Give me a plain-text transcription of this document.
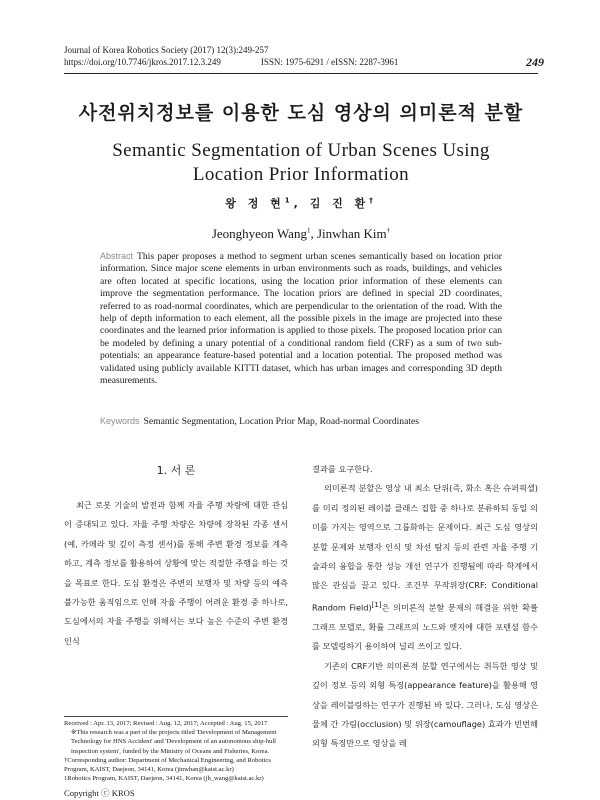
Journal of Korea Robotics Society (2017) 12(3):249-257
https://doi.org/10.7746/jkros.2017.12.3.249	ISSN: 1975-6291 / eISSN: 2287-3961	249
사전위치정보를 이용한 도심 영상의 의미론적 분할
Semantic Segmentation of Urban Scenes Using Location Prior Information
왕 정 현$^1$, 김 진 환†
Jeonghyeon Wang$^1$, Jinwhan Kim†
Abstract This paper proposes a method to segment urban scenes semantically based on location prior information. Since major scene elements in urban environments such as roads, buildings, and vehicles are often located at specific locations, using the location prior information of these elements can improve the segmentation performance. The location priors are defined in special 2D coordinates, referred to as road-normal coordinates, which are perpendicular to the orientation of the road. With the help of depth information to each element, all the possible pixels in the image are projected into these coordinates and the learned prior information is applied to those pixels. The proposed location prior can be modeled by defining a unary potential of a conditional random field (CRF) as a sum of two sub-potentials: an appearance feature-based potential and a location potential. The proposed method was validated using publicly available KITTI dataset, which has urban images and corresponding 3D depth measurements.
Keywords Semantic Segmentation, Location Prior Map, Road-normal Coordinates
1. 서 론

최근 로봇 기술의 발전과 함께 자율 주행 차량에 대한 관심이 증대되고 있다. 자율 주행 차량은 차량에 장착된 각종 센서(예, 카메라 및 깊이 측정 센서)를 통해 주변 환경 정보를 계측하고, 계측 정보를 활용하여 상황에 맞는 적절한 주행을 하는 것을 목표로 한다. 도심 환경은 주변의 보행자 및 차량 등의 예측 불가능한 움직임으로 인해 자율 주행이 어려운 환경 중 하나로, 도심에서의 자율 주행을 위해서는 보다 높은 수준의 주변 환경 인식

결과를 요구한다.

의미론적 분할은 영상 내 최소 단위(즉, 화소 혹은 슈퍼픽셀)를 미리 정의된 레이블 클래스 집합 중 하나로 분류하되 동일 의미를 가지는 영역으로 그룹화하는 문제이다. 최근 도심 영상의 분할 문제와 보행자 인식 및 차선 탐지 등의 관련 자율 주행 기술과의 융합을 통한 성능 개선 연구가 진행됨에 따라 학계에서 많은 관심을 끌고 있다. 조건부 무작위장(CRF: Conditional Random Field)[1]은 의미론적 분할 문제의 해결을 위한 확률 그래프 모델로, 확률 그래프의 노드와 엣지에 대한 포텐셜 함수를 모델링하기 용이하여 널리 쓰이고 있다.

기존의 CRF기반 의미론적 분할 연구에서는 취득한 영상 및 깊이 정보 등의 외형 특징(appearance feature)을 활용해 영상을 레이블링하는 연구가 진행된 바 있다. 그러나, 도심 영상은 물체 간 가림(occlusion) 및 위장(camouflage) 효과가 빈번해 외형 특징만으로 영상을 레

Received : Apr. 13, 2017; Revised : Aug. 12, 2017; Accepted : Aug. 15, 2017
※This research was a part of the projects titled 'Development of Management Technology for HNS Accident' and 'Development of an autonomous ship-hull inspection system', funded by the Ministry of Oceans and Fisheries, Korea.
†Corresponding author: Department of Mechanical Engineering, and Robotics Program, KAIST, Daejeon, 34141, Korea (jinwhan@kaist.ac.kr)
1Robotics Program, KAIST, Daejeon, 34141, Korea (jh_wang@kaist.ac.kr)
Copyright ⓒ KROS
